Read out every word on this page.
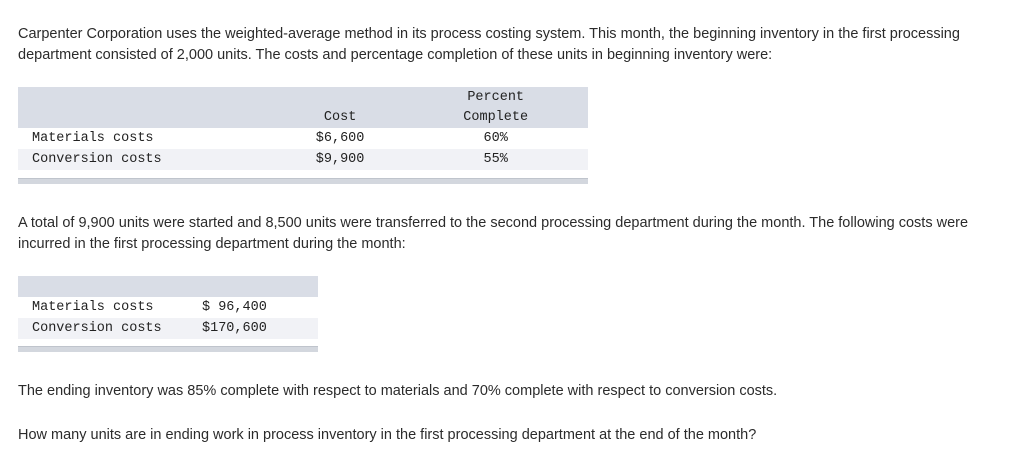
Carpenter Corporation uses the weighted-average method in its process costing system. This month, the beginning inventory in the first processing department consisted of 2,000 units. The costs and percentage completion of these units in beginning inventory were:

		Percent
	Cost	Complete
Materials costs	$6,600	60%
Conversion costs	$9,900	55%

A total of 9,900 units were started and 8,500 units were transferred to the second processing department during the month. The following costs were incurred in the first processing department during the month:

Materials costs	$ 96,400
Conversion costs	$170,600

The ending inventory was 85% complete with respect to materials and 70% complete with respect to conversion costs.

How many units are in ending work in process inventory in the first processing department at the end of the month?
